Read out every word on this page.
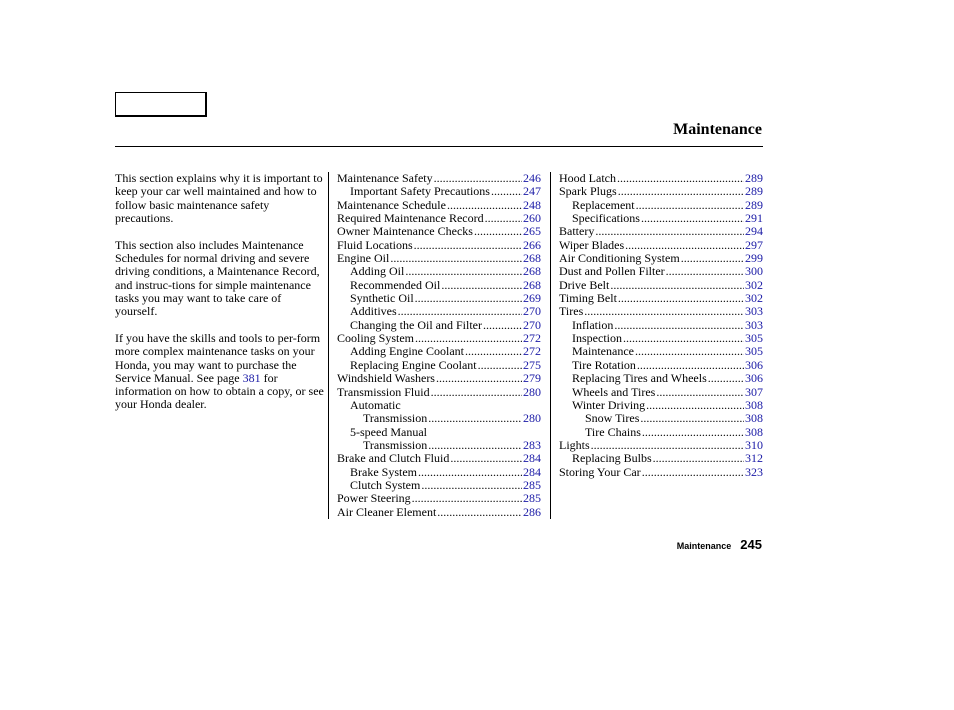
Maintenance

This section explains why it is important to keep your car well maintained and how to follow basic maintenance safety precautions.

This section also includes Maintenance Schedules for normal driving and severe driving conditions, a Maintenance Record, and instruc-tions for simple maintenance tasks you may want to take care of yourself.

If you have the skills and tools to per-form more complex maintenance tasks on your Honda, you may want to purchase the Service Manual. See page 381 for information on how to obtain a copy, or see your Honda dealer.

Maintenance Safety .....	246
Important Safety Precautions .....	247
Maintenance Schedule .....	248
Required Maintenance Record .....	260
Owner Maintenance Checks .....	265
Fluid Locations .....	266
Engine Oil .....	268
Adding Oil .....	268
Recommended Oil .....	268
Synthetic Oil .....	269
Additives .....	270
Changing the Oil and Filter .....	270
Cooling System .....	272
Adding Engine Coolant .....	272
Replacing Engine Coolant .....	275
Windshield Washers .....	279
Transmission Fluid .....	280
Automatic
Transmission .....	280
5-speed Manual
Transmission .....	283
Brake and Clutch Fluid .....	284
Brake System .....	284
Clutch System .....	285
Power Steering .....	285
Air Cleaner Element .....	286
Hood Latch .....	289
Spark Plugs .....	289
Replacement .....	289
Specifications .....	291
Battery .....	294
Wiper Blades .....	297
Air Conditioning System .....	299
Dust and Pollen Filter .....	300
Drive Belt .....	302
Timing Belt .....	302
Tires .....	303
Inflation .....	303
Inspection .....	305
Maintenance .....	305
Tire Rotation .....	306
Replacing Tires and Wheels .....	306
Wheels and Tires .....	307
Winter Driving .....	308
Snow Tires .....	308
Tire Chains .....	308
Lights .....	310
Replacing Bulbs .....	312
Storing Your Car .....	323
Maintenance 245
